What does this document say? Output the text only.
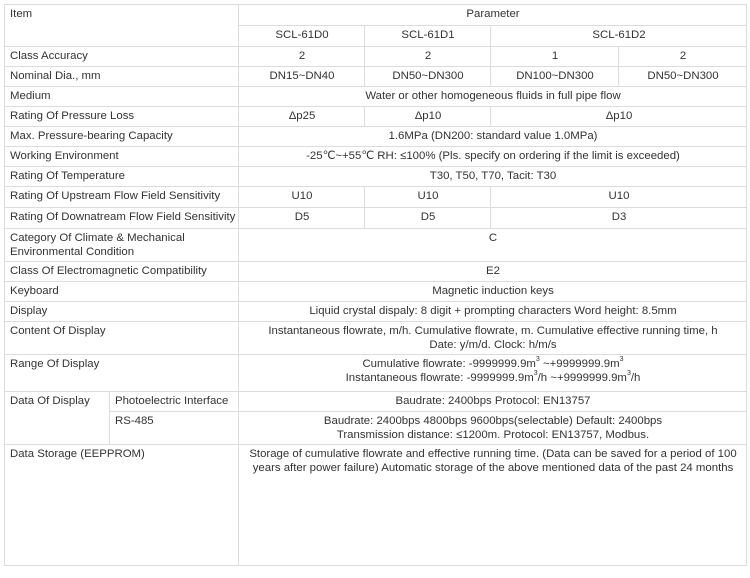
Item		Parameter			
		SCL-61D0	SCL-61D1	SCL-61D2	
Class Accuracy		2	2	1	2
Nominal Dia., mm		DN15~DN40	DN50~DN300	DN100~DN300	DN50~DN300
Medium		Water or other homogeneous fluids in full pipe flow			
Rating Of Pressure Loss		Δp25	Δp10	Δp10	
Max. Pressure-bearing Capacity		1.6MPa (DN200: standard value 1.0MPa)			
Working Environment		-25℃~+55℃ RH: ≤100% (Pls. specify on ordering if the limit is exceeded)			
Rating Of Temperature		T30, T50, T70, Tacit: T30			
Rating Of Upstream Flow Field Sensitivity		U10	U10	U10	
Rating Of Downatream Flow Field Sensitivity		D5	D5	D3	

Category Of Climate & Mechanical
Environmental Condition		C			
Class Of Electromagnetic Compatibility		E2			
Keyboard		Magnetic induction keys			
Display		Liquid crystal dispaly: 8 digit + prompting characters Word height: 8.5mm			
Content Of Display		Instantaneous flowrate, m/h. Cumulative flowrate, m. Cumulative effective running time, h
Date: y/m/d. Clock: h/m/s			

Range Of Display		Cumulative flowrate: $-9999999.9m^3$ $\sim+9999999.9m^3$
Instantaneous flowrate: $-9999999.9m^3/h$ $\sim+9999999.9m^3/h$			

Data Of Display	Photoelectric Interface	Baudrate: 2400bps Protocol: EN13757			
	RS-485	Baudrate: 2400bps 4800bps 9600bps(selectable) Default: 2400bps
Transmission distance: ≤1200m. Protocol: EN13757, Modbus.			

Data Storage (EEPPROM)		Storage of cumulative flowrate and effective running time. (Data can be saved for a period of 100
years after power failure) Automatic storage of the above mentioned data of the past 24 months			
